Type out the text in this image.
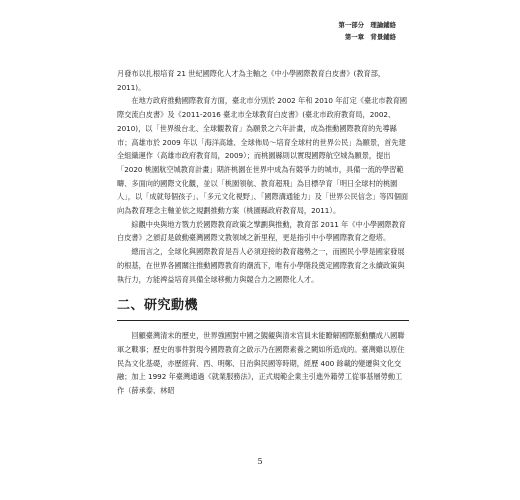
第一部分　理論鋪絡
第一章　背景鋪絡

月發布以扎根培育 21 世紀國際化人才為主軸之《中小學國際教育白皮書》(教育部，2011)。

在地方政府推動國際教育方面，臺北市分別於 2002 年和 2010 年訂定《臺北市教育國際交流白皮書》及《2011-2016 臺北市全球教育白皮書》(臺北市政府教育局，2002、2010)，以「世界級台北、全球觀教育」為願景之六年計畫，成為推動國際教育的先導縣市；高雄市於 2009 年以「海洋高雄、全球佈局～培育全球村的世界公民」為願景，首先建全組織運作（高雄市政府教育局，2009）；而桃園縣則以實現國際航空城為願景，提出「2020 桃園航空城教育計畫」期許桃園在世界中成為有競爭力的城市，具備一流的學習範疇、多面向的國際文化觀，並以「桃園領航、教育超飛」為目標孕育「明日全球村的桃園人」，以「成就每個孩子」、「多元文化視野」、「國際溝通能力」及「世界公民信念」等四個面向為教育理念主軸並依之規劃推動方案（桃園縣政府教育局，2011）。

綜觀中央與地方戮力於國際教育政策之擘劃與推動，教育部 2011 年《中小學國際教育白皮書》之頒訂是啟動臺灣國際文教領域之新里程，更是指引中小學國際教育之燈塔。

總而言之，全球化與國際教育是吾人必須迎接的教育趨勢之一，而國民小學是國家發展的根基，在世界各國關注推動國際教育的潮流下，唯有小學階段奠定國際教育之永續政策與執行力，方能裨益培育具備全球移動力與競合力之國際化人才。

二、研究動機

回顧臺灣清末的歷史，世界強國對中國之覬覦與清末官員未能瞭解國際脈動釀成八國聯軍之戰事；歷史的事件對現今國際教育之啟示乃在國際素養之闕如所造成的。臺灣雖以原住民為文化基礎，亦歷經荷、西、明鄭、日治與民國等時期，經歷 400 餘載的變遷與文化交融；加上 1992 年臺灣通過《就業服務法》，正式規範企業主引進外籍勞工從事基層勞動工作（薛承泰、林昭

5
